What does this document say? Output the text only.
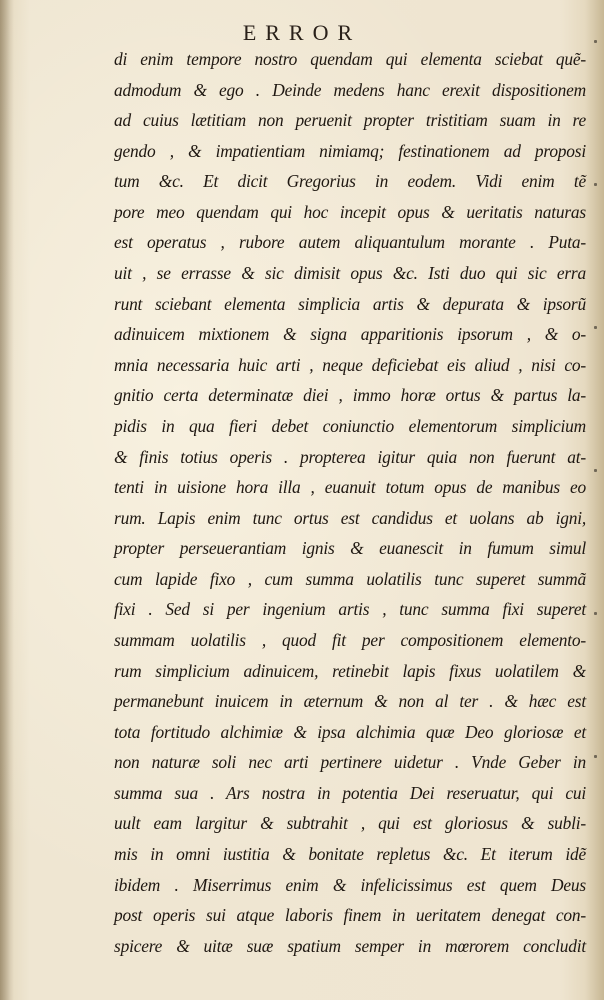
ERROR
di enim tempore nostro quendam qui elementa sciebat quẽ-
admodum & ego . Deinde medens hanc erexit dispositionem
ad cuius lætitiam non peruenit propter tristitiam suam in re
gendo , & impatientiam nimiamq; festinationem ad proposi
tum &c. Et dicit Gregorius in eodem. Vidi enim tẽ
pore meo quendam qui hoc incepit opus & ueritatis naturas
est operatus , rubore autem aliquantulum morante . Puta-
uit , se errasse & sic dimisit opus &c. Isti duo qui sic erra
runt sciebant elementa simplicia artis & depurata & ipsorũ
adinuicem mixtionem & signa apparitionis ipsorum , & o-
mnia necessaria huic arti , neque deficiebat eis aliud , nisi co-
gnitio certa determinatæ diei , immo horæ ortus & partus la-
pidis in qua fieri debet coniunctio elementorum simplicium
& finis totius operis . propterea igitur quia non fuerunt at-
tenti in uisione hora illa , euanuit totum opus de manibus eo
rum. Lapis enim tunc ortus est candidus et uolans ab igni,
propter perseuerantiam ignis & euanescit in fumum simul
cum lapide fixo , cum summa uolatilis tunc superet summã
fixi . Sed si per ingenium artis , tunc summa fixi superet
summam uolatilis , quod fit per compositionem elemento-
rum simplicium adinuicem, retinebit lapis fixus uolatilem &
permanebunt inuicem in æternum & non al ter . & hæc est
tota fortitudo alchimiæ & ipsa alchimia quæ Deo gloriosæ et
non naturæ soli nec arti pertinere uidetur . Vnde Geber in
summa sua . Ars nostra in potentia Dei reseruatur, qui cui
uult eam largitur & subtrahit , qui est gloriosus & subli-
mis in omni iustitia & bonitate repletus &c. Et iterum idẽ
ibidem . Miserrimus enim & infelicissimus est quem Deus
post operis sui atque laboris finem in ueritatem denegat con-
spicere & uitæ suæ spatium semper in mœrorem concludit
